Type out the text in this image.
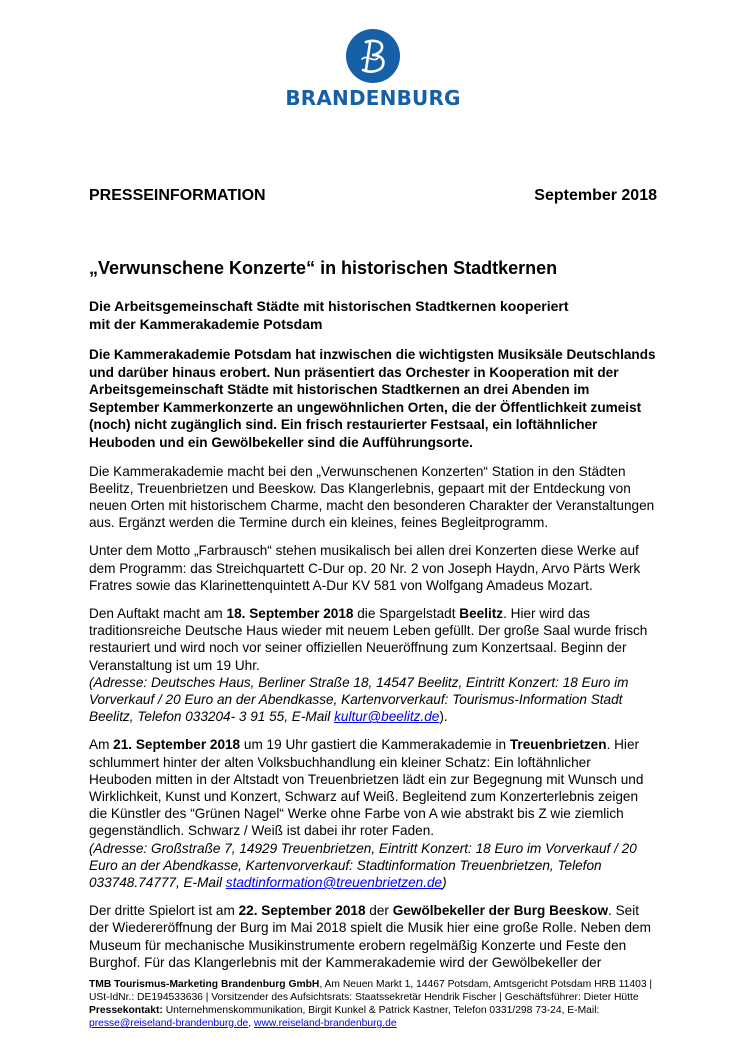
BRANDENBURG
PRESSEINFORMATION	September 2018
„Verwunschene Konzerte“ in historischen Stadtkernen
Die Arbeitsgemeinschaft Städte mit historischen Stadtkernen kooperiert
mit der Kammerakademie Potsdam

Die Kammerakademie Potsdam hat inzwischen die wichtigsten Musiksäle Deutschlands und darüber hinaus erobert. Nun präsentiert das Orchester in Kooperation mit der Arbeitsgemeinschaft Städte mit historischen Stadtkernen an drei Abenden im September Kammerkonzerte an ungewöhnlichen Orten, die der Öffentlichkeit zumeist (noch) nicht zugänglich sind. Ein frisch restaurierter Festsaal, ein loftähnlicher Heuboden und ein Gewölbekeller sind die Aufführungsorte.

Die Kammerakademie macht bei den „Verwunschenen Konzerten“ Station in den Städten Beelitz, Treuenbrietzen und Beeskow. Das Klangerlebnis, gepaart mit der Entdeckung von neuen Orten mit historischem Charme, macht den besonderen Charakter der Veranstaltungen aus. Ergänzt werden die Termine durch ein kleines, feines Begleitprogramm.

Unter dem Motto „Farbrausch“ stehen musikalisch bei allen drei Konzerten diese Werke auf dem Programm: das Streichquartett C-Dur op. 20 Nr. 2 von Joseph Haydn, Arvo Pärts Werk Fratres sowie das Klarinettenquintett A-Dur KV 581 von Wolfgang Amadeus Mozart.

Den Auftakt macht am 18. September 2018 die Spargelstadt Beelitz. Hier wird das traditionsreiche Deutsche Haus wieder mit neuem Leben gefüllt. Der große Saal wurde frisch restauriert und wird noch vor seiner offiziellen Neueröffnung zum Konzertsaal. Beginn der Veranstaltung ist um 19 Uhr.
(Adresse: Deutsches Haus, Berliner Straße 18, 14547 Beelitz, Eintritt Konzert: 18 Euro im Vorverkauf / 20 Euro an der Abendkasse, Kartenvorverkauf: Tourismus-Information Stadt Beelitz, Telefon 033204- 3 91 55, E-Mail kultur@beelitz.de).

Am 21. September 2018 um 19 Uhr gastiert die Kammerakademie in Treuenbrietzen. Hier schlummert hinter der alten Volksbuchhandlung ein kleiner Schatz: Ein loftähnlicher Heuboden mitten in der Altstadt von Treuenbrietzen lädt ein zur Begegnung mit Wunsch und Wirklichkeit, Kunst und Konzert, Schwarz auf Weiß. Begleitend zum Konzerterlebnis zeigen die Künstler des “Grünen Nagel“ Werke ohne Farbe von A wie abstrakt bis Z wie ziemlich gegenständlich. Schwarz / Weiß ist dabei ihr roter Faden.
(Adresse: Großstraße 7, 14929 Treuenbrietzen, Eintritt Konzert: 18 Euro im Vorverkauf / 20 Euro an der Abendkasse, Kartenvorverkauf: Stadtinformation Treuenbrietzen, Telefon 033748.74777, E-Mail stadtinformation@treuenbrietzen.de)

Der dritte Spielort ist am 22. September 2018 der Gewölbekeller der Burg Beeskow. Seit der Wiedereröffnung der Burg im Mai 2018 spielt die Musik hier eine große Rolle. Neben dem Museum für mechanische Musikinstrumente erobern regelmäßig Konzerte und Feste den Burghof. Für das Klangerlebnis mit der Kammerakademie wird der Gewölbekeller der

TMB Tourismus-Marketing Brandenburg GmbH, Am Neuen Markt 1, 14467 Potsdam, Amtsgericht Potsdam HRB 11403 | USt-IdNr.: DE194533636 | Vorsitzender des Aufsichtsrats: Staatssekretär Hendrik Fischer | Geschäftsführer: Dieter Hütte Pressekontakt: Unternehmenskommunikation, Birgit Kunkel & Patrick Kastner, Telefon 0331/298 73-24, E-Mail: presse@reiseland-brandenburg.de, www.reiseland-brandenburg.de
